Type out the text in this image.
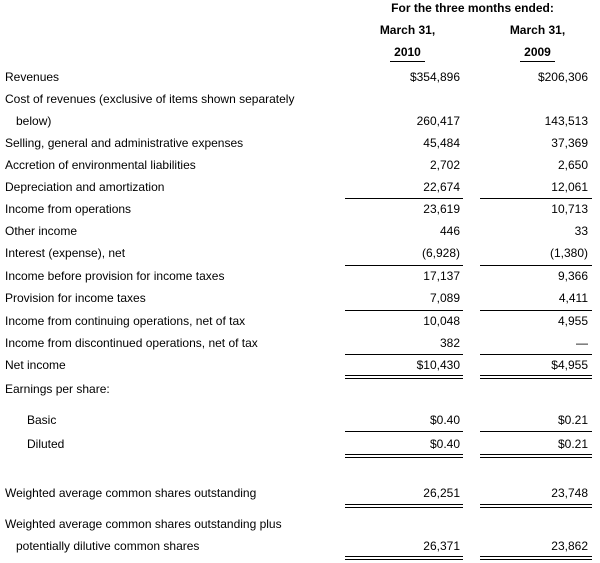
For the three months ended:
March 31,	March 31,
2010	2009
Revenues	$354,896	$206,306
Cost of revenues (exclusive of items shown separately
below)	260,417	143,513
Selling, general and administrative expenses	45,484	37,369
Accretion of environmental liabilities	2,702	2,650
Depreciation and amortization	22,674	12,061
Income from operations	23,619	10,713
Other income	446	33
Interest (expense), net	(6,928)	(1,380)
Income before provision for income taxes	17,137	9,366
Provision for income taxes	7,089	4,411
Income from continuing operations, net of tax	10,048	4,955
Income from discontinued operations, net of tax	382	—
Net income	$10,430	$4,955
Earnings per share:
Basic	$0.40	$0.21
Diluted	$0.40	$0.21
Weighted average common shares outstanding	26,251	23,748
Weighted average common shares outstanding plus
potentially dilutive common shares	26,371	23,862
